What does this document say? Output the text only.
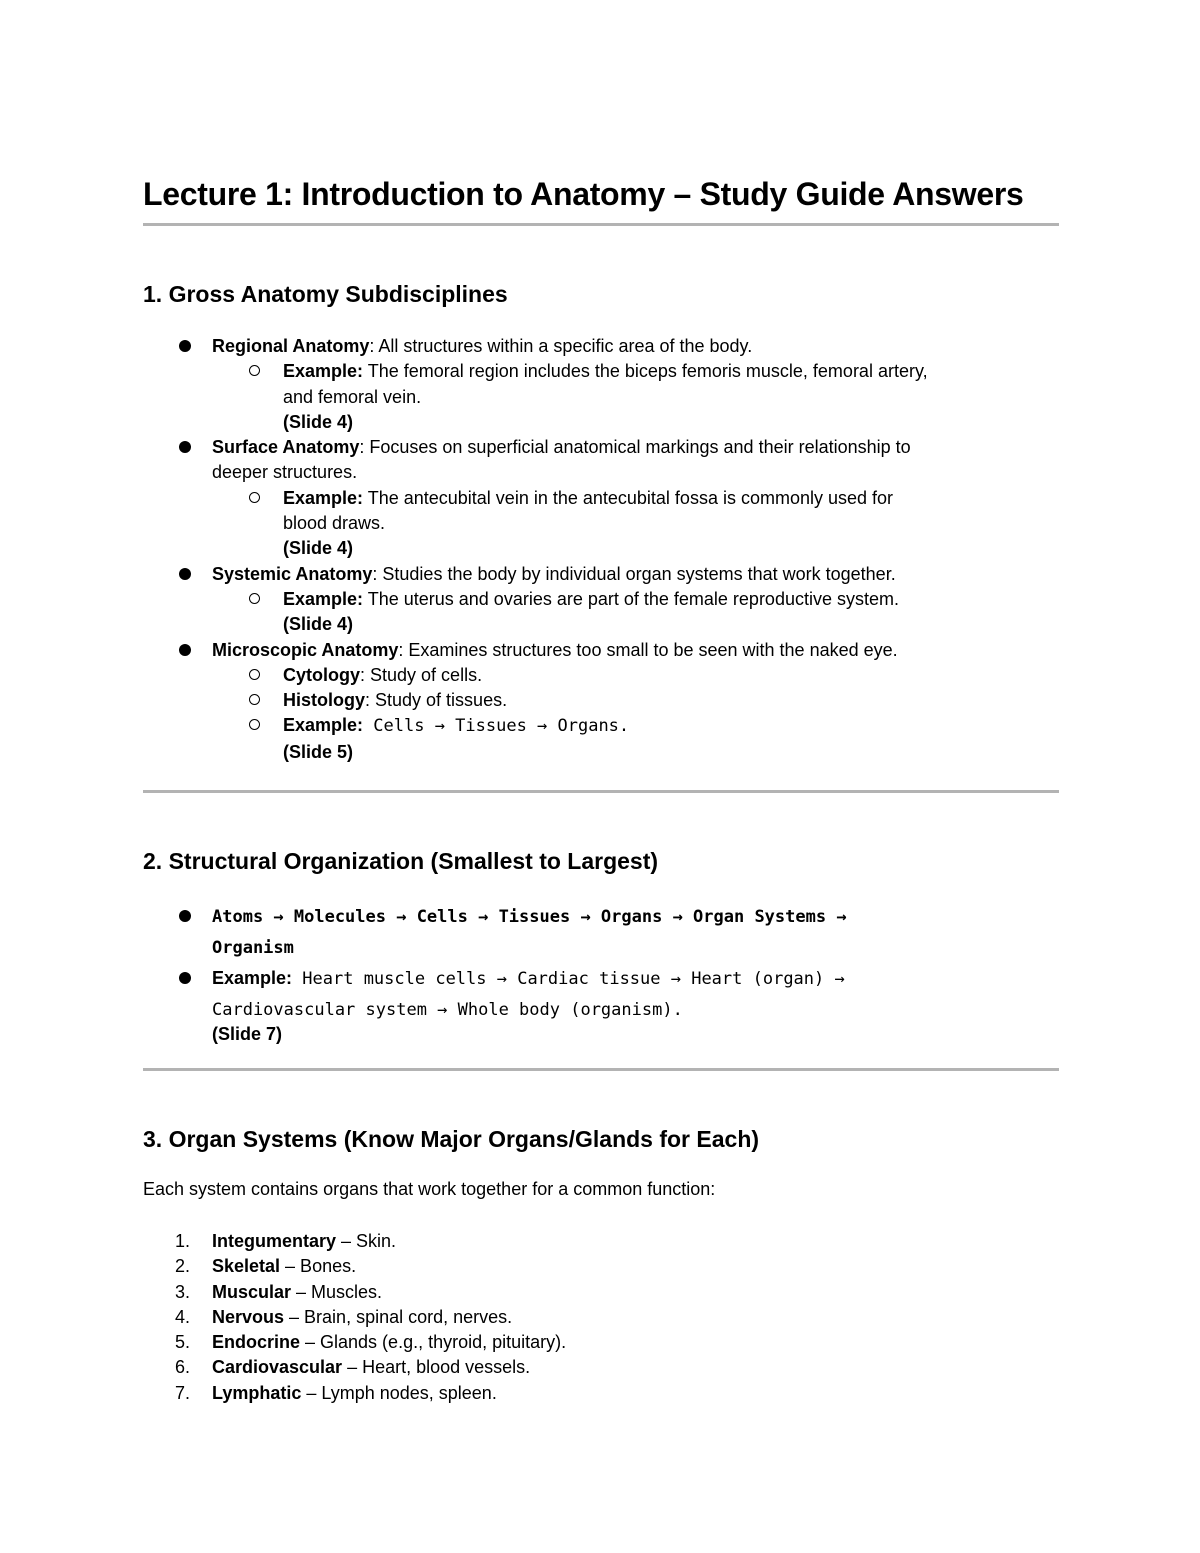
Lecture 1: Introduction to Anatomy – Study Guide Answers
1. Gross Anatomy Subdisciplines
Regional Anatomy: All structures within a specific area of the body.
Example: The femoral region includes the biceps femoris muscle, femoral artery,
and femoral vein.
(Slide 4)
Surface Anatomy: Focuses on superficial anatomical markings and their relationship to
deeper structures.
Example: The antecubital vein in the antecubital fossa is commonly used for
blood draws.
(Slide 4)
Systemic Anatomy: Studies the body by individual organ systems that work together.
Example: The uterus and ovaries are part of the female reproductive system.
(Slide 4)
Microscopic Anatomy: Examines structures too small to be seen with the naked eye.
Cytology: Study of cells.
Histology: Study of tissues.
Example: Cells → Tissues → Organs.
(Slide 5)
2. Structural Organization (Smallest to Largest)
Atoms → Molecules → Cells → Tissues → Organs → Organ Systems →
Organism
Example: Heart muscle cells → Cardiac tissue → Heart (organ) →
Cardiovascular system → Whole body (organism).
(Slide 7)
3. Organ Systems (Know Major Organs/Glands for Each)
Each system contains organs that work together for a common function:
1. Integumentary – Skin.
2. Skeletal – Bones.
3. Muscular – Muscles.
4. Nervous – Brain, spinal cord, nerves.
5. Endocrine – Glands (e.g., thyroid, pituitary).
6. Cardiovascular – Heart, blood vessels.
7. Lymphatic – Lymph nodes, spleen.
